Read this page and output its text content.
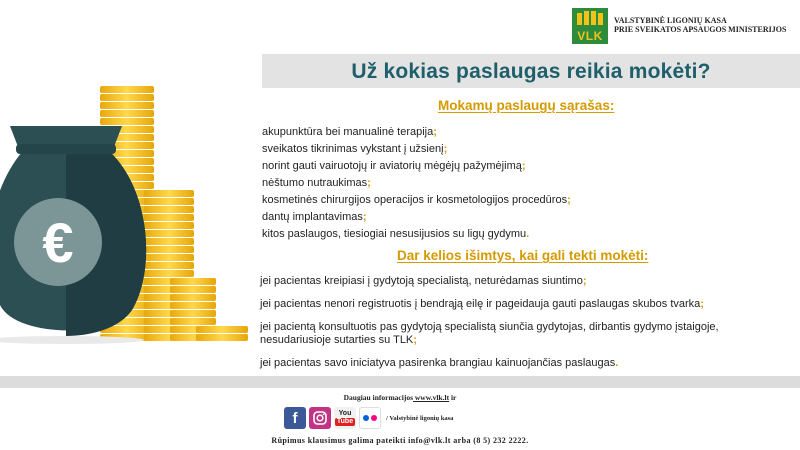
€
VLK
VALSTYBINĖ LIGONIŲ KASA
PRIE SVEIKATOS APSAUGOS MINISTERIJOS
Už kokias paslaugas reikia mokėti?
Mokamų paslaugų sąrašas:
akupunktūra bei manualinė terapija;
sveikatos tikrinimas vykstant į užsienį;
norint gauti vairuotojų ir aviatorių mėgėjų pažymėjimą;
nėštumo nutraukimas;
kosmetinės chirurgijos operacijos ir kosmetologijos procedūros;
dantų implantavimas;
kitos paslaugos, tiesiogiai nesusijusios su ligų gydymu.
Dar kelios išimtys, kai gali tekti mokėti:
jei pacientas kreipiasi į gydytoją specialistą, neturėdamas siuntimo;
jei pacientas nenori registruotis į bendrąją eilę ir pageidauja gauti paslaugas skubos tvarka;
jei pacientą konsultuotis pas gydytoją specialistą siunčia gydytojas, dirbantis gydymo įstaigoje, nesudariusioje sutarties su TLK;
jei pacientas savo iniciatyva pasirenka brangiau kainuojančias paslaugas.
Daugiau informacijos www.vlk.lt ir
f	You
Tube	/ Valstybinė ligonių kasa
Rūpimus klausimus galima pateikti info@vlk.lt arba (8 5) 232 2222.
